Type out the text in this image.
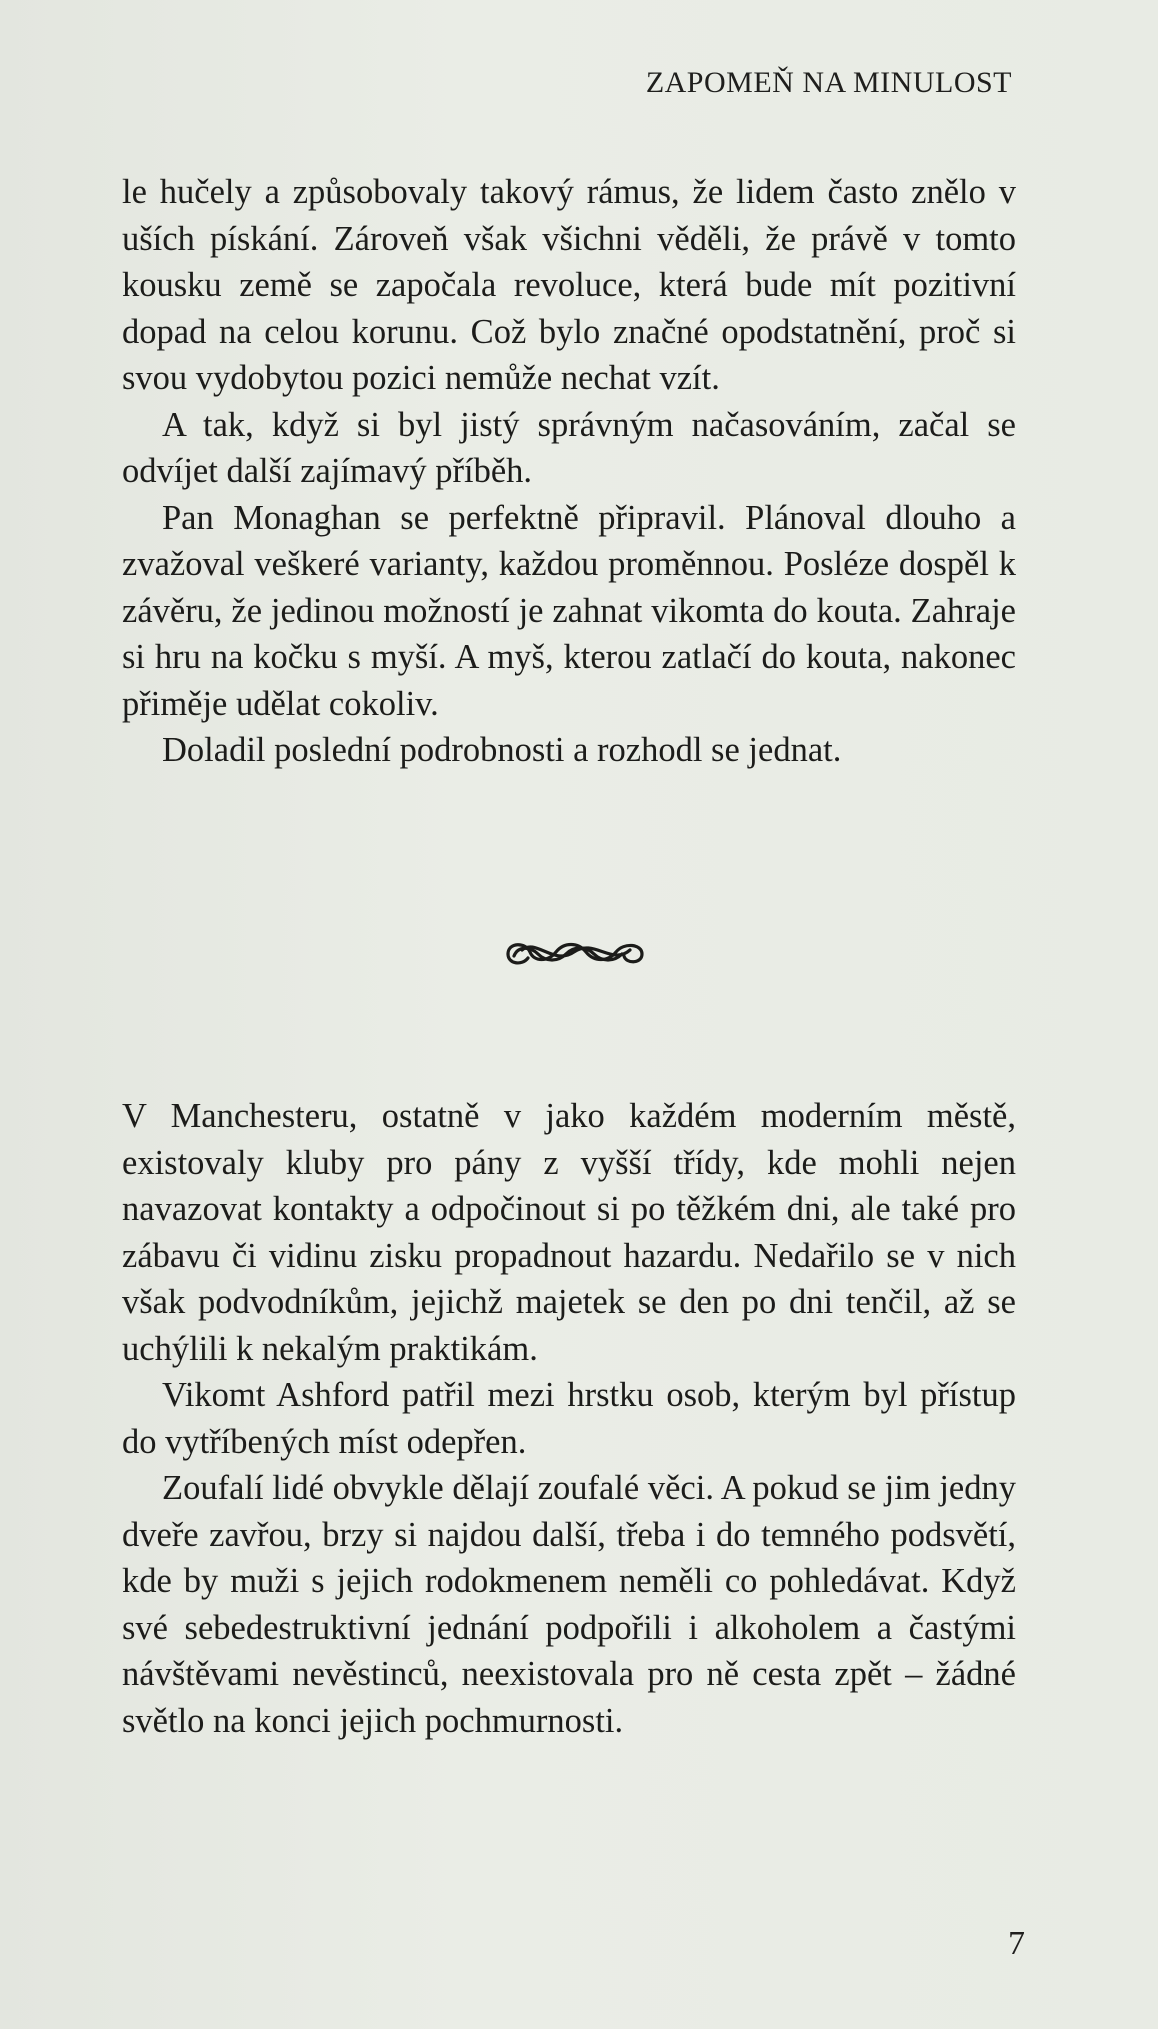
ZAPOMEŇ NA MINULOST

le hučely a způsobovaly takový rámus, že lidem často znělo v uších pískání. Zároveň však všichni věděli, že právě v tomto kousku země se započala revoluce, která bude mít pozitivní dopad na celou korunu. Což bylo značné opodstatnění, proč si svou vydobytou pozici nemůže nechat vzít.

A tak, když si byl jistý správným načasováním, začal se odvíjet další zajímavý příběh.

Pan Monaghan se perfektně připravil. Plánoval dlouho a zvažoval veškeré varianty, každou proměnnou. Posléze dospěl k závěru, že jedinou možností je zahnat vikomta do kouta. Zahraje si hru na kočku s myší. A myš, kterou zatlačí do kouta, nakonec přiměje udělat cokoliv.

Doladil poslední podrobnosti a rozhodl se jednat.

V Manchesteru, ostatně v jako každém moderním městě, existovaly kluby pro pány z vyšší třídy, kde mohli nejen navazovat kontakty a odpočinout si po těžkém dni, ale také pro zábavu či vidinu zisku propadnout hazardu. Nedařilo se v nich však podvodníkům, jejichž majetek se den po dni tenčil, až se uchýlili k nekalým praktikám.

Vikomt Ashford patřil mezi hrstku osob, kterým byl přístup do vytříbených míst odepřen.

Zoufalí lidé obvykle dělají zoufalé věci. A pokud se jim jedny dveře zavřou, brzy si najdou další, třeba i do temného podsvětí, kde by muži s jejich rodokmenem neměli co pohledávat. Když své sebedestruktivní jednání podpořili i alkoholem a častými návštěvami nevěstinců, neexistovala pro ně cesta zpět – žádné světlo na konci jejich pochmurnosti.

7
